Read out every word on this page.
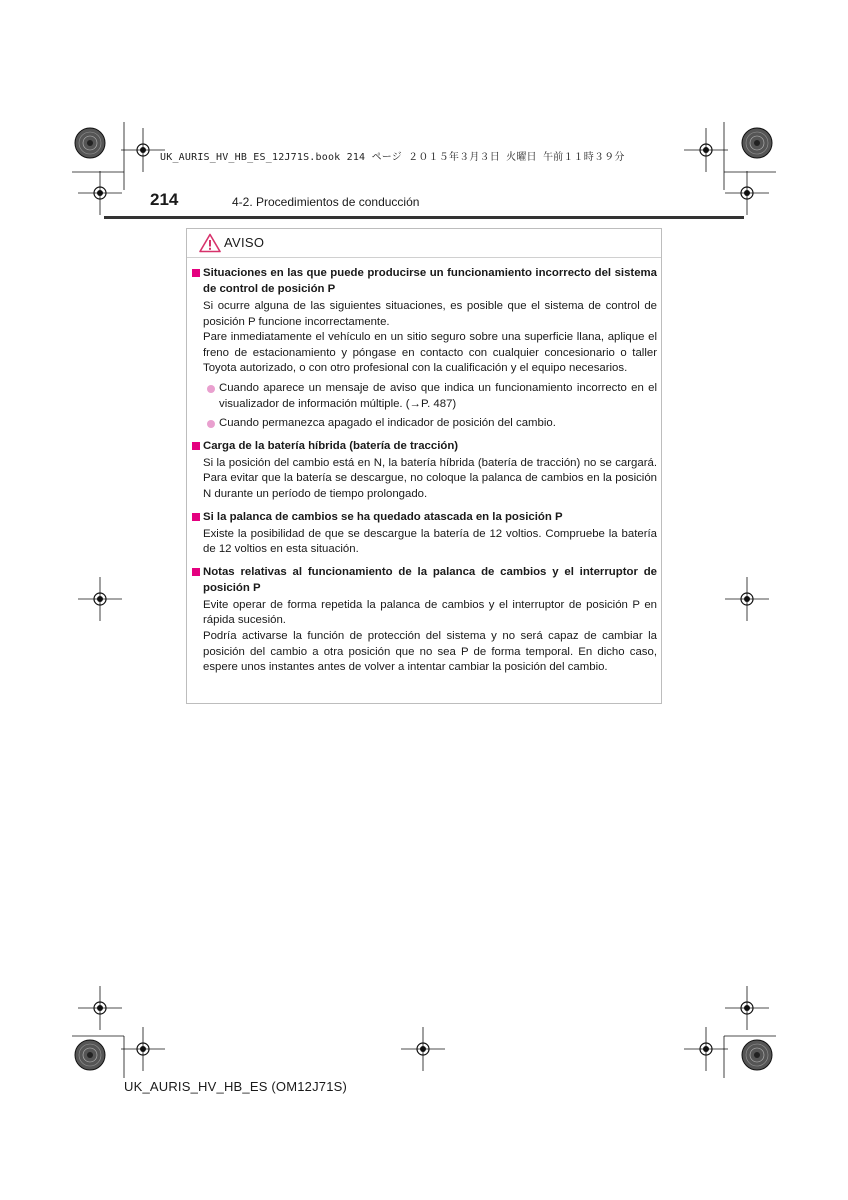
UK_AURIS_HV_HB_ES_12J71S.book 214 ページ ２０１５年３月３日 火曜日 午前１１時３９分
214	4-2. Procedimientos de conducción
AVISO
Situaciones en las que puede producirse un funcionamiento incorrecto del sistema de control de posición P
Si ocurre alguna de las siguientes situaciones, es posible que el sistema de control de posición P funcione incorrectamente.
Pare inmediatamente el vehículo en un sitio seguro sobre una superficie llana, aplique el freno de estacionamiento y póngase en contacto con cualquier concesionario o taller Toyota autorizado, o con otro profesional con la cualificación y el equipo necesarios.
Cuando aparece un mensaje de aviso que indica un funcionamiento incorrecto en el visualizador de información múltiple. (→P. 487)
Cuando permanezca apagado el indicador de posición del cambio.
Carga de la batería híbrida (batería de tracción)
Si la posición del cambio está en N, la batería híbrida (batería de tracción) no se cargará. Para evitar que la batería se descargue, no coloque la palanca de cambios en la posición N durante un período de tiempo prolongado.
Si la palanca de cambios se ha quedado atascada en la posición P
Existe la posibilidad de que se descargue la batería de 12 voltios. Compruebe la batería de 12 voltios en esta situación.
Notas relativas al funcionamiento de la palanca de cambios y el interruptor de posición P
Evite operar de forma repetida la palanca de cambios y el interruptor de posición P en rápida sucesión.
Podría activarse la función de protección del sistema y no será capaz de cambiar la posición del cambio a otra posición que no sea P de forma temporal. En dicho caso, espere unos instantes antes de volver a intentar cambiar la posición del cambio.
UK_AURIS_HV_HB_ES (OM12J71S)
